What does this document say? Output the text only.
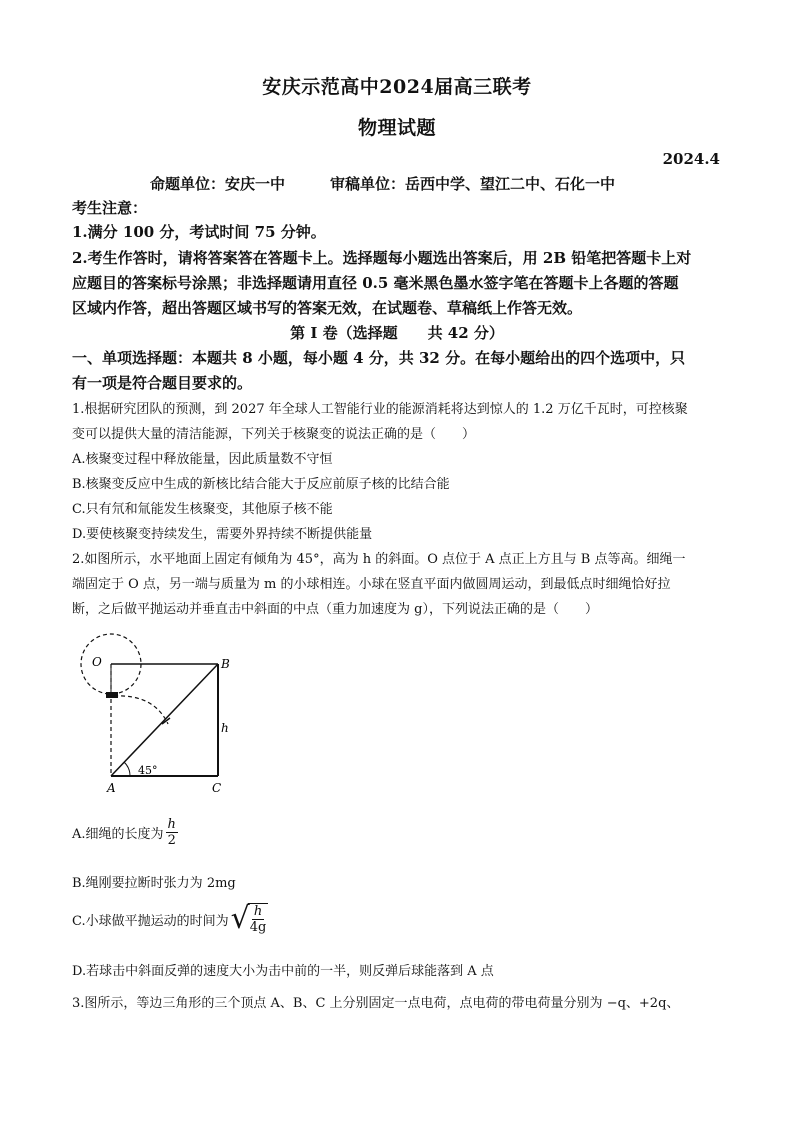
安庆示范高中2024届高三联考
物理试题
2024.4
命题单位：安庆一中　　　审稿单位：岳西中学、望江二中、石化一中
考生注意：
1.满分 100 分，考试时间 75 分钟。
2.考生作答时，请将答案答在答题卡上。选择题每小题选出答案后，用 2B 铅笔把答题卡上对
应题目的答案标号涂黑；非选择题请用直径 0.5 毫米黑色墨水签字笔在答题卡上各题的答题
区域内作答，超出答题区域书写的答案无效，在试题卷、草稿纸上作答无效。
第 I 卷（选择题　　共 42 分）
一、单项选择题：本题共 8 小题，每小题 4 分，共 32 分。在每小题给出的四个选项中，只
有一项是符合题目要求的。
1.根据研究团队的预测，到 2027 年全球人工智能行业的能源消耗将达到惊人的 1.2 万亿千瓦时，可控核聚
变可以提供大量的清洁能源，下列关于核聚变的说法正确的是（　　）
A.核聚变过程中释放能量，因此质量数不守恒
B.核聚变反应中生成的新核比结合能大于反应前原子核的比结合能
C.只有氘和氚能发生核聚变，其他原子核不能
D.要使核聚变持续发生，需要外界持续不断提供能量
2.如图所示，水平地面上固定有倾角为 45°，高为 h 的斜面。O 点位于 A 点正上方且与 B 点等高。细绳一
端固定于 O 点，另一端与质量为 m 的小球相连。小球在竖直平面内做圆周运动，到最低点时细绳恰好拉
断，之后做平抛运动并垂直击中斜面的中点（重力加速度为 g），下列说法正确的是（　　）
O	B
h
45°
A	C
A.细绳的长度为 $\frac{h}{2}$
B.绳刚要拉断时张力为 2mg
C.小球做平抛运动的时间为 √
$\frac{h}{4g}$
D.若球击中斜面反弹的速度大小为击中前的一半，则反弹后球能落到 A 点
3.图所示，等边三角形的三个顶点 A、B、C 上分别固定一点电荷，点电荷的带电荷量分别为 −q、+2q、
